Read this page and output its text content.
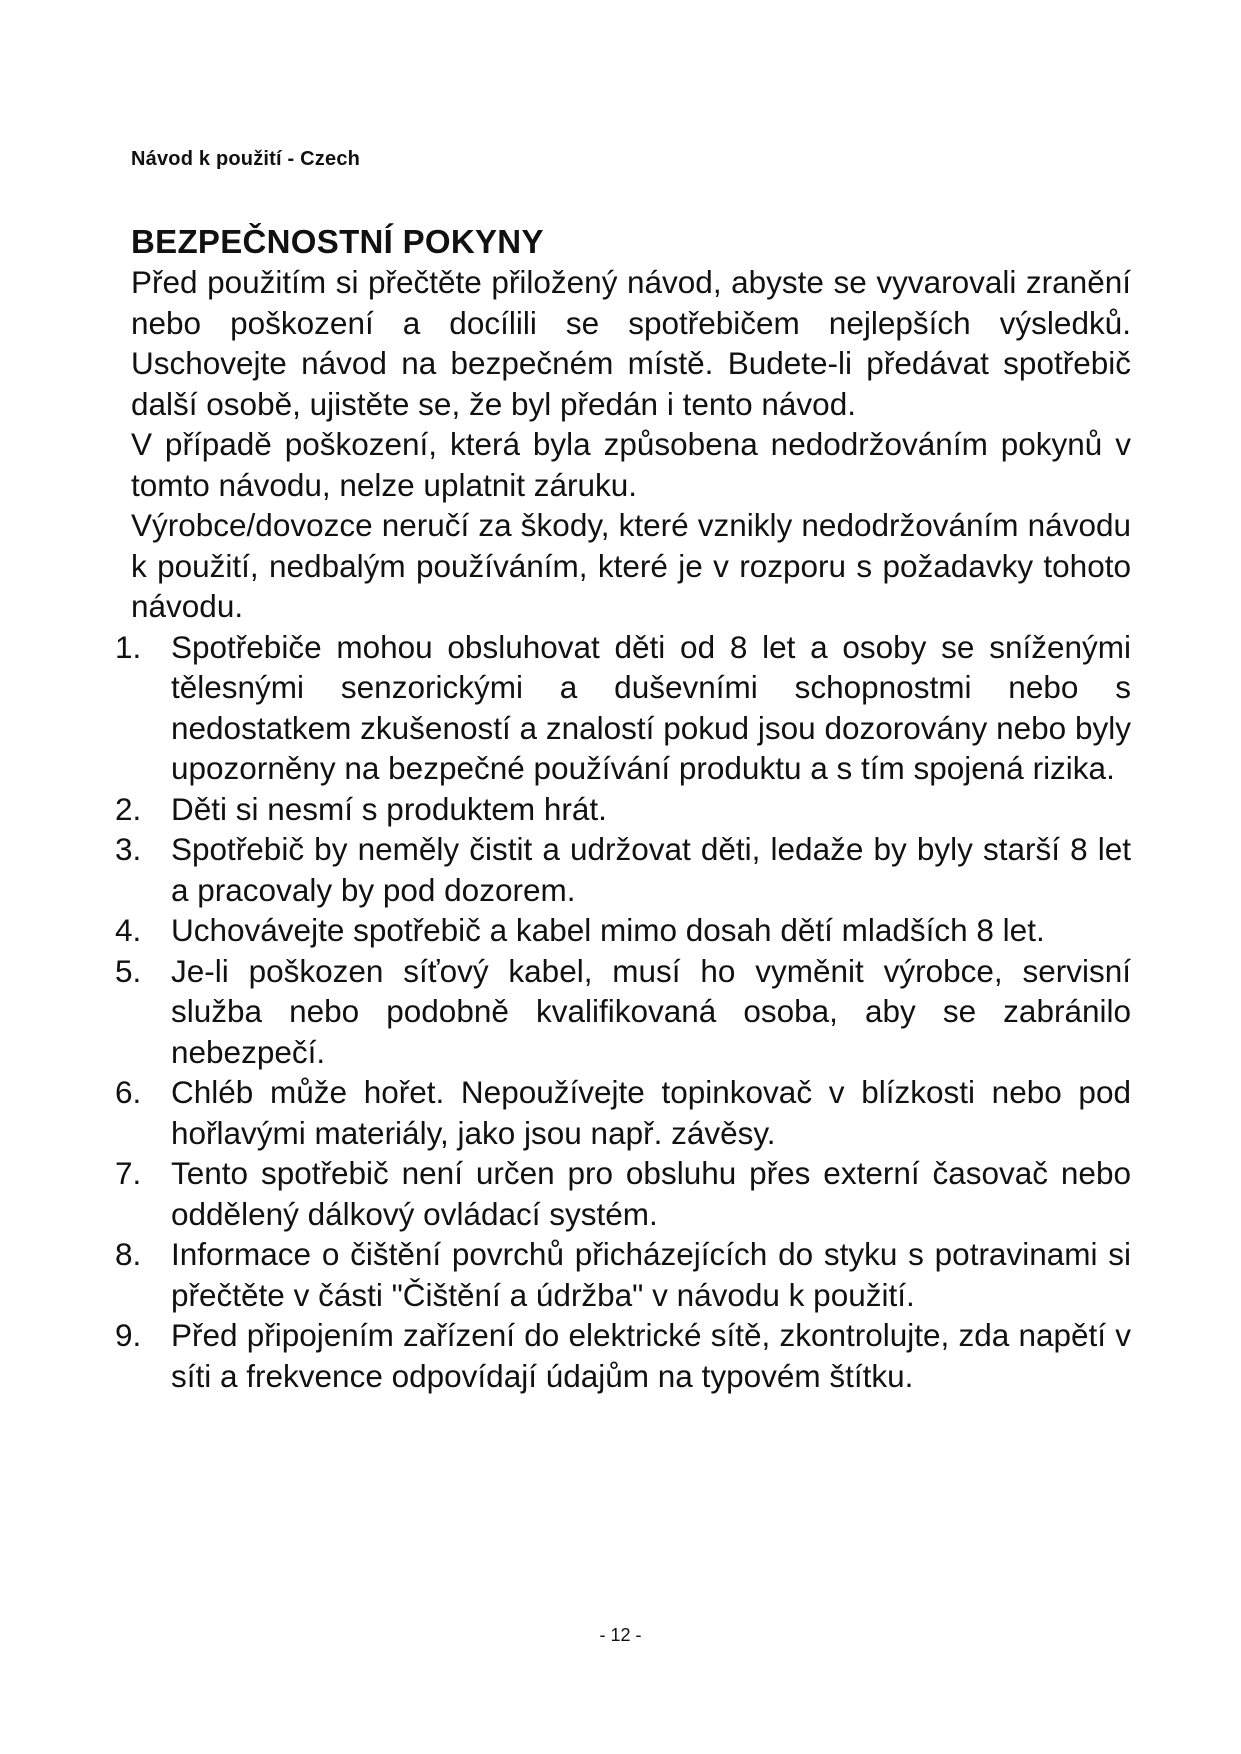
Návod k použití - Czech
BEZPEČNOSTNÍ POKYNY

Před použitím si přečtěte přiložený návod, abyste se vyvarovali zranění nebo poškození a docílili se spotřebičem nejlepších výsledků. Uschovejte návod na bezpečném místě. Budete-li předávat spotřebič další osobě, ujistěte se, že byl předán i tento návod.

V případě poškození, která byla způsobena nedodržováním pokynů v tomto návodu, nelze uplatnit záruku.

Výrobce/dovozce neručí za škody, které vznikly nedodržováním návodu k použití, nedbalým používáním, které je v rozporu s požadavky tohoto návodu.

1. Spotřebiče mohou obsluhovat děti od 8 let a osoby se sníženými tělesnými senzorickými a duševními schopnostmi nebo s nedostatkem zkušeností a znalostí pokud jsou dozorovány nebo byly upozorněny na bezpečné používání produktu a s tím spojená rizika.
2. Děti si nesmí s produktem hrát.
3. Spotřebič by neměly čistit a udržovat děti, ledaže by byly starší 8 let a pracovaly by pod dozorem.
4. Uchovávejte spotřebič a kabel mimo dosah dětí mladších 8 let.
5. Je-li poškozen síťový kabel, musí ho vyměnit výrobce, servisní služba nebo podobně kvalifikovaná osoba, aby se zabránilo nebezpečí.
6. Chléb může hořet. Nepoužívejte topinkovač v blízkosti nebo pod hořlavými materiály, jako jsou např. závěsy.
7. Tento spotřebič není určen pro obsluhu přes externí časovač nebo oddělený dálkový ovládací systém.
8. Informace o čištění povrchů přicházejících do styku s potravinami si přečtěte v části "Čištění a údržba" v návodu k použití.
9. Před připojením zařízení do elektrické sítě, zkontrolujte, zda napětí v síti a frekvence odpovídají údajům na typovém štítku.
- 12 -
